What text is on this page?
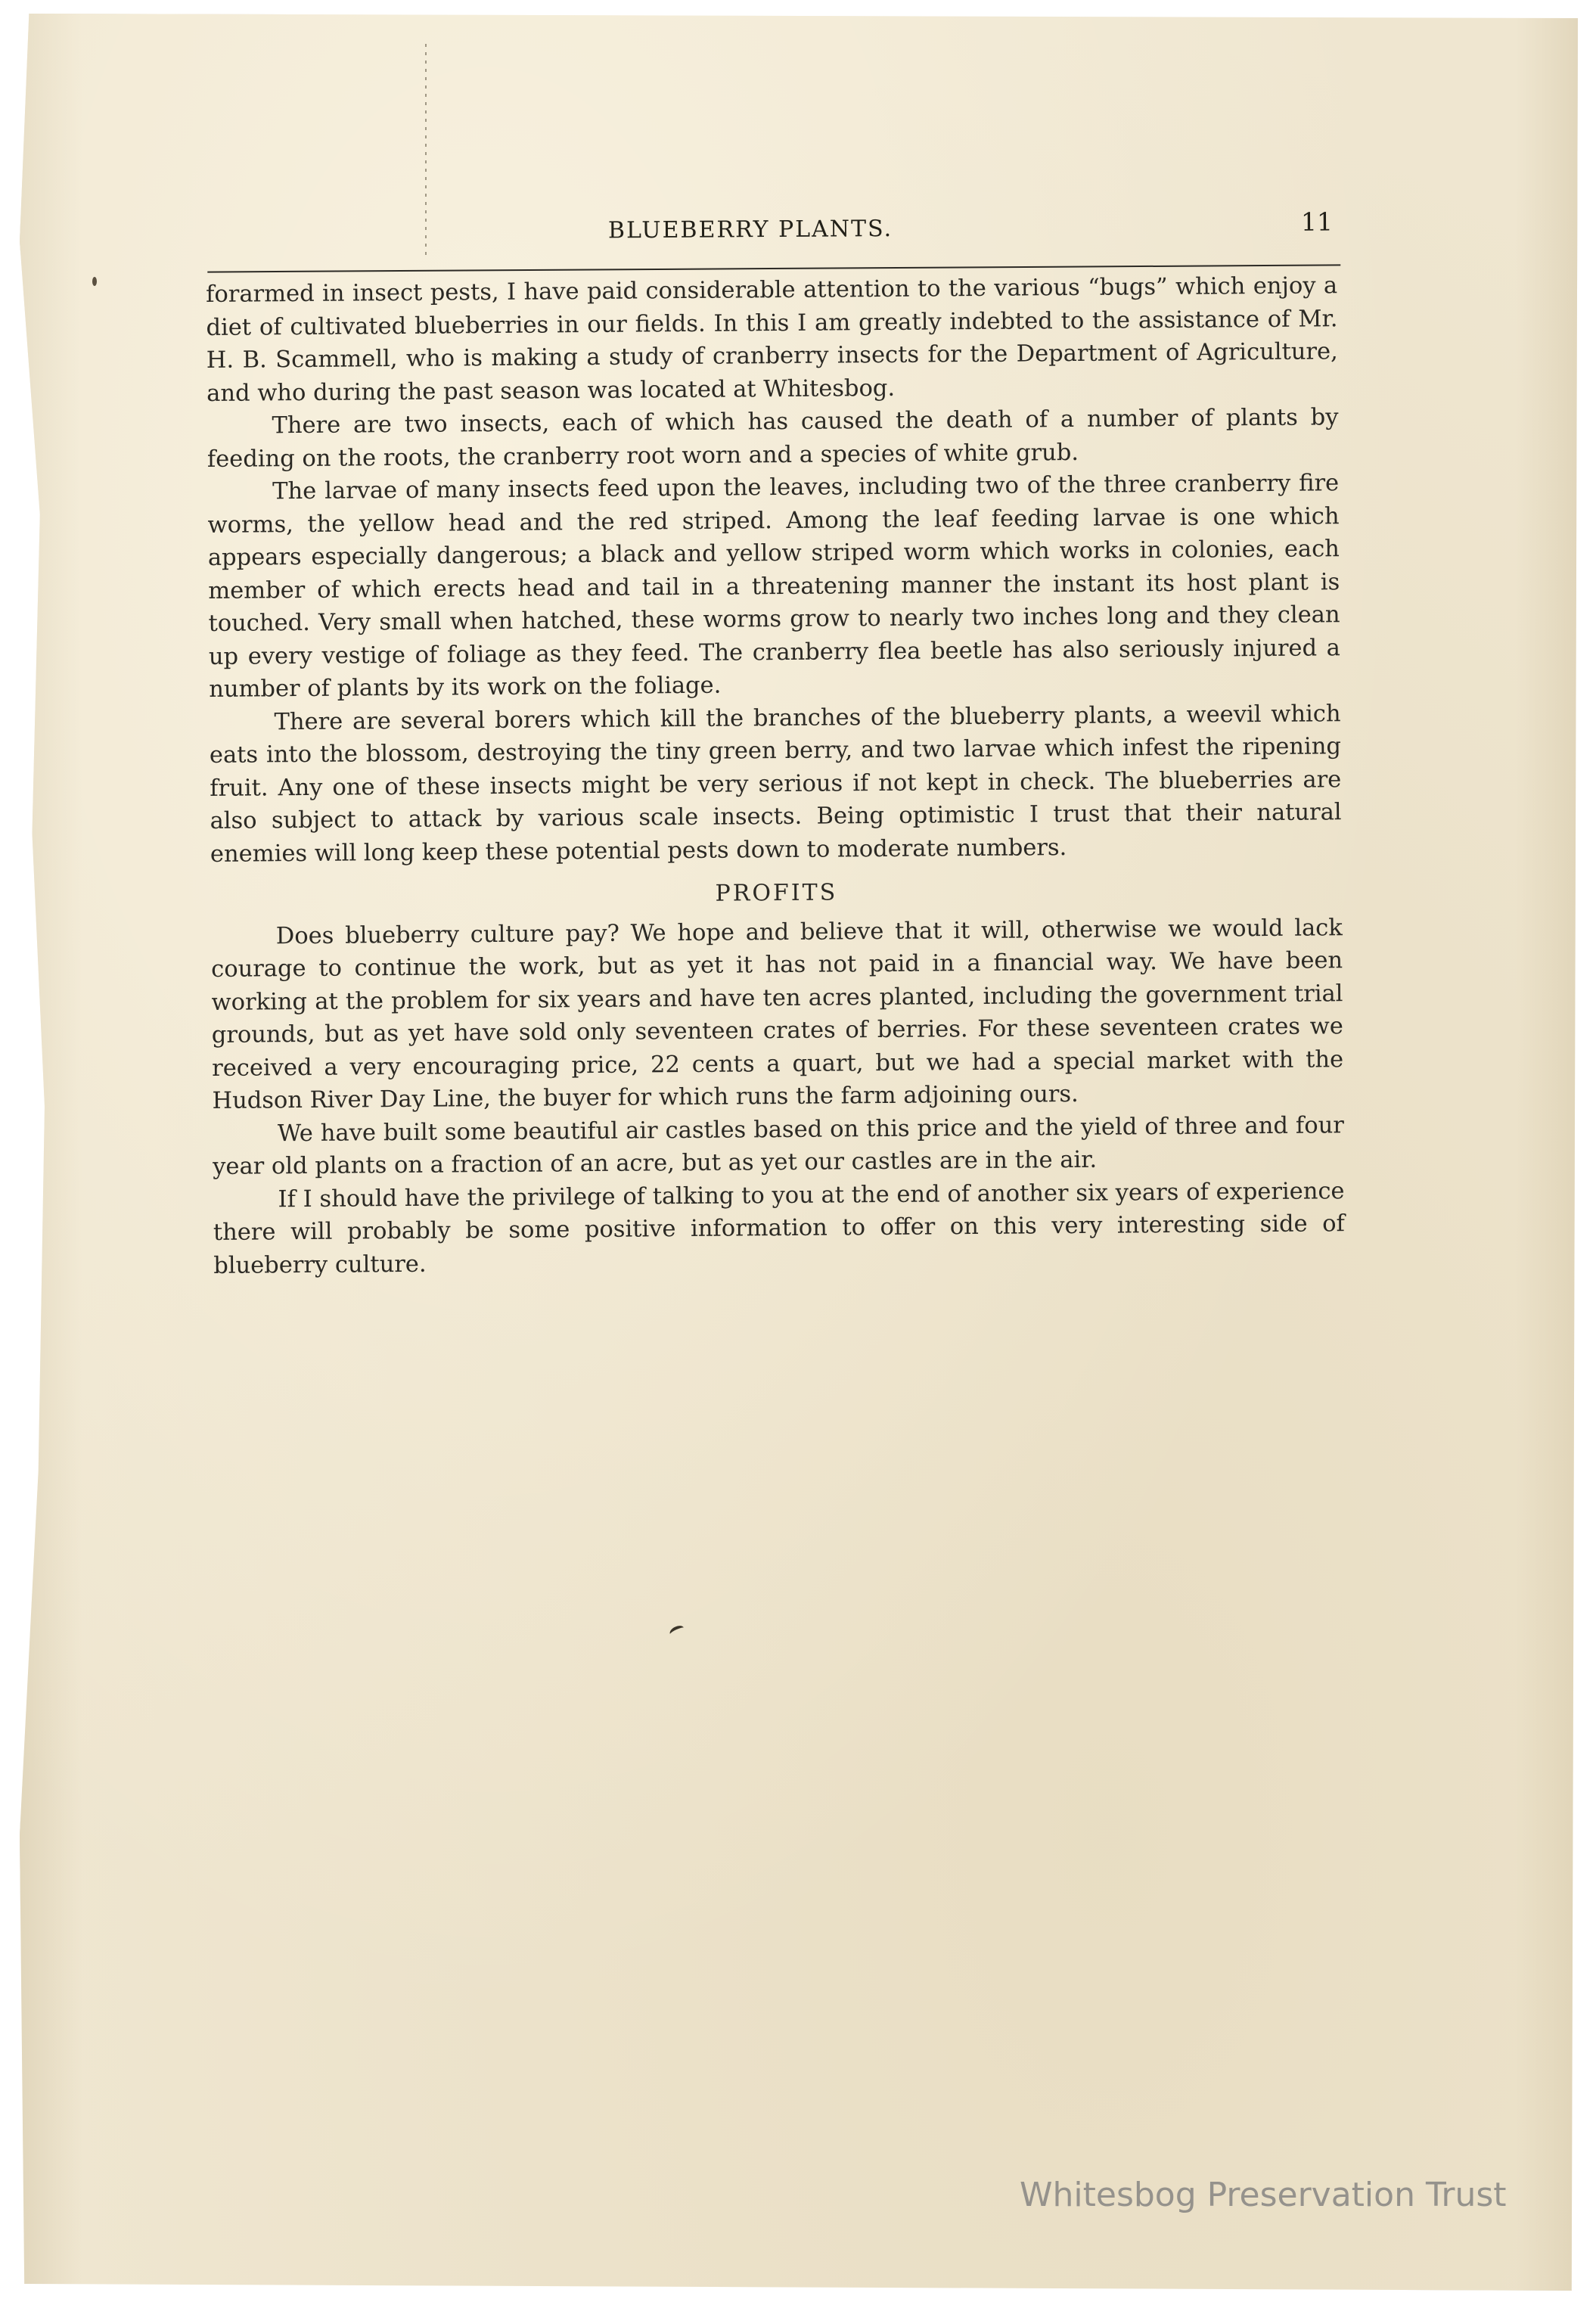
BLUEBERRY PLANTS.	11

forarmed in insect pests, I have paid considerable attention to the various “bugs” which enjoy a diet of cultivated blueberries in our fields. In this I am greatly indebted to the assistance of Mr. H. B. Scammell, who is making a study of cranberry insects for the Department of Agriculture, and who during the past season was located at Whitesbog.

There are two insects, each of which has caused the death of a number of plants by feeding on the roots, the cranberry root worn and a species of white grub.

The larvae of many insects feed upon the leaves, including two of the three cranberry fire worms, the yellow head and the red striped. Among the leaf feeding larvae is one which appears especially dangerous; a black and yellow striped worm which works in colonies, each member of which erects head and tail in a threatening manner the instant its host plant is touched. Very small when hatched, these worms grow to nearly two inches long and they clean up every vestige of foliage as they feed. The cranberry flea beetle has also seriously injured a number of plants by its work on the foliage.

There are several borers which kill the branches of the blueberry plants, a weevil which eats into the blossom, destroying the tiny green berry, and two larvae which infest the ripening fruit. Any one of these insects might be very serious if not kept in check. The blueberries are also subject to attack by various scale insects. Being optimistic I trust that their natural enemies will long keep these potential pests down to moderate numbers.

PROFITS

Does blueberry culture pay? We hope and believe that it will, otherwise we would lack courage to continue the work, but as yet it has not paid in a financial way. We have been working at the problem for six years and have ten acres planted, including the government trial grounds, but as yet have sold only seventeen crates of berries. For these seventeen crates we received a very encouraging price, 22 cents a quart, but we had a special market with the Hudson River Day Line, the buyer for which runs the farm adjoining ours.

We have built some beautiful air castles based on this price and the yield of three and four year old plants on a fraction of an acre, but as yet our castles are in the air.

If I should have the privilege of talking to you at the end of another six years of experience there will probably be some positive information to offer on this very interesting side of blueberry culture.

Whitesbog Preservation Trust
